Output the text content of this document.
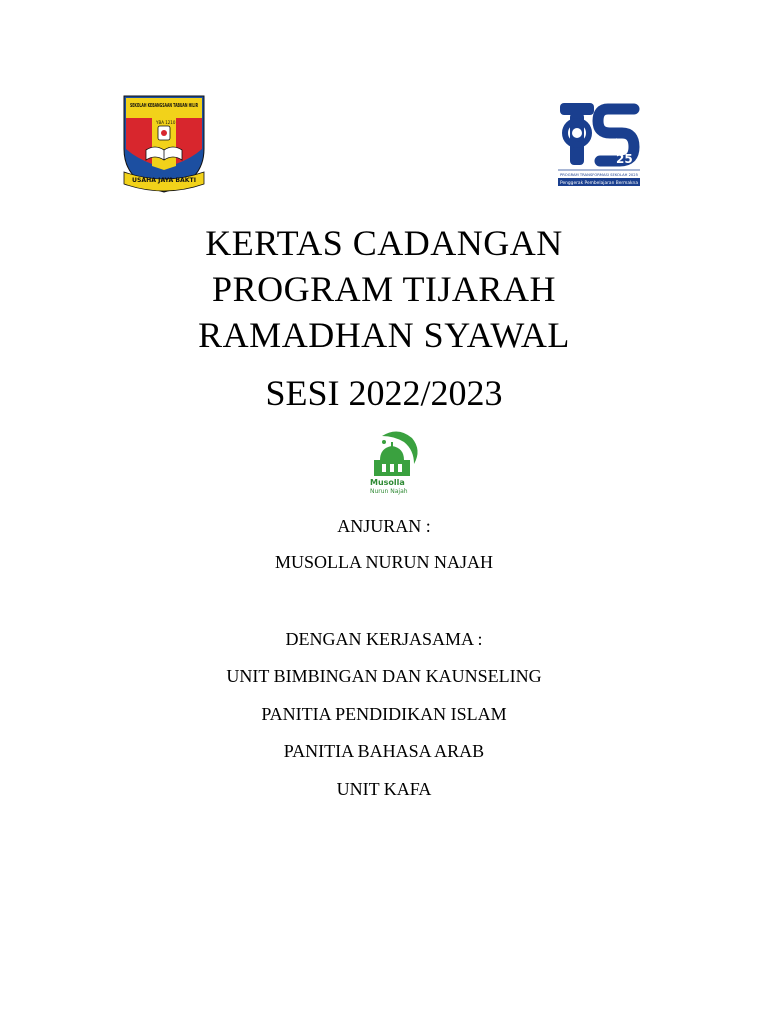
SEKOLAH KEBANGSAAN TABUAN HILIR
YBA 1210
USAHA JAYA BAKTI
25
PROGRAM TRANSFORMASI SEKOLAH 2025
Penggerak Pembelajaran Bermakna
KERTAS CADANGAN
PROGRAM TIJARAH
RAMADHAN SYAWAL
SESI 2022/2023
Musolla
Nurun Najah
ANJURAN :
MUSOLLA NURUN NAJAH
DENGAN KERJASAMA :
UNIT BIMBINGAN DAN KAUNSELING
PANITIA PENDIDIKAN ISLAM
PANITIA BAHASA ARAB
UNIT KAFA
